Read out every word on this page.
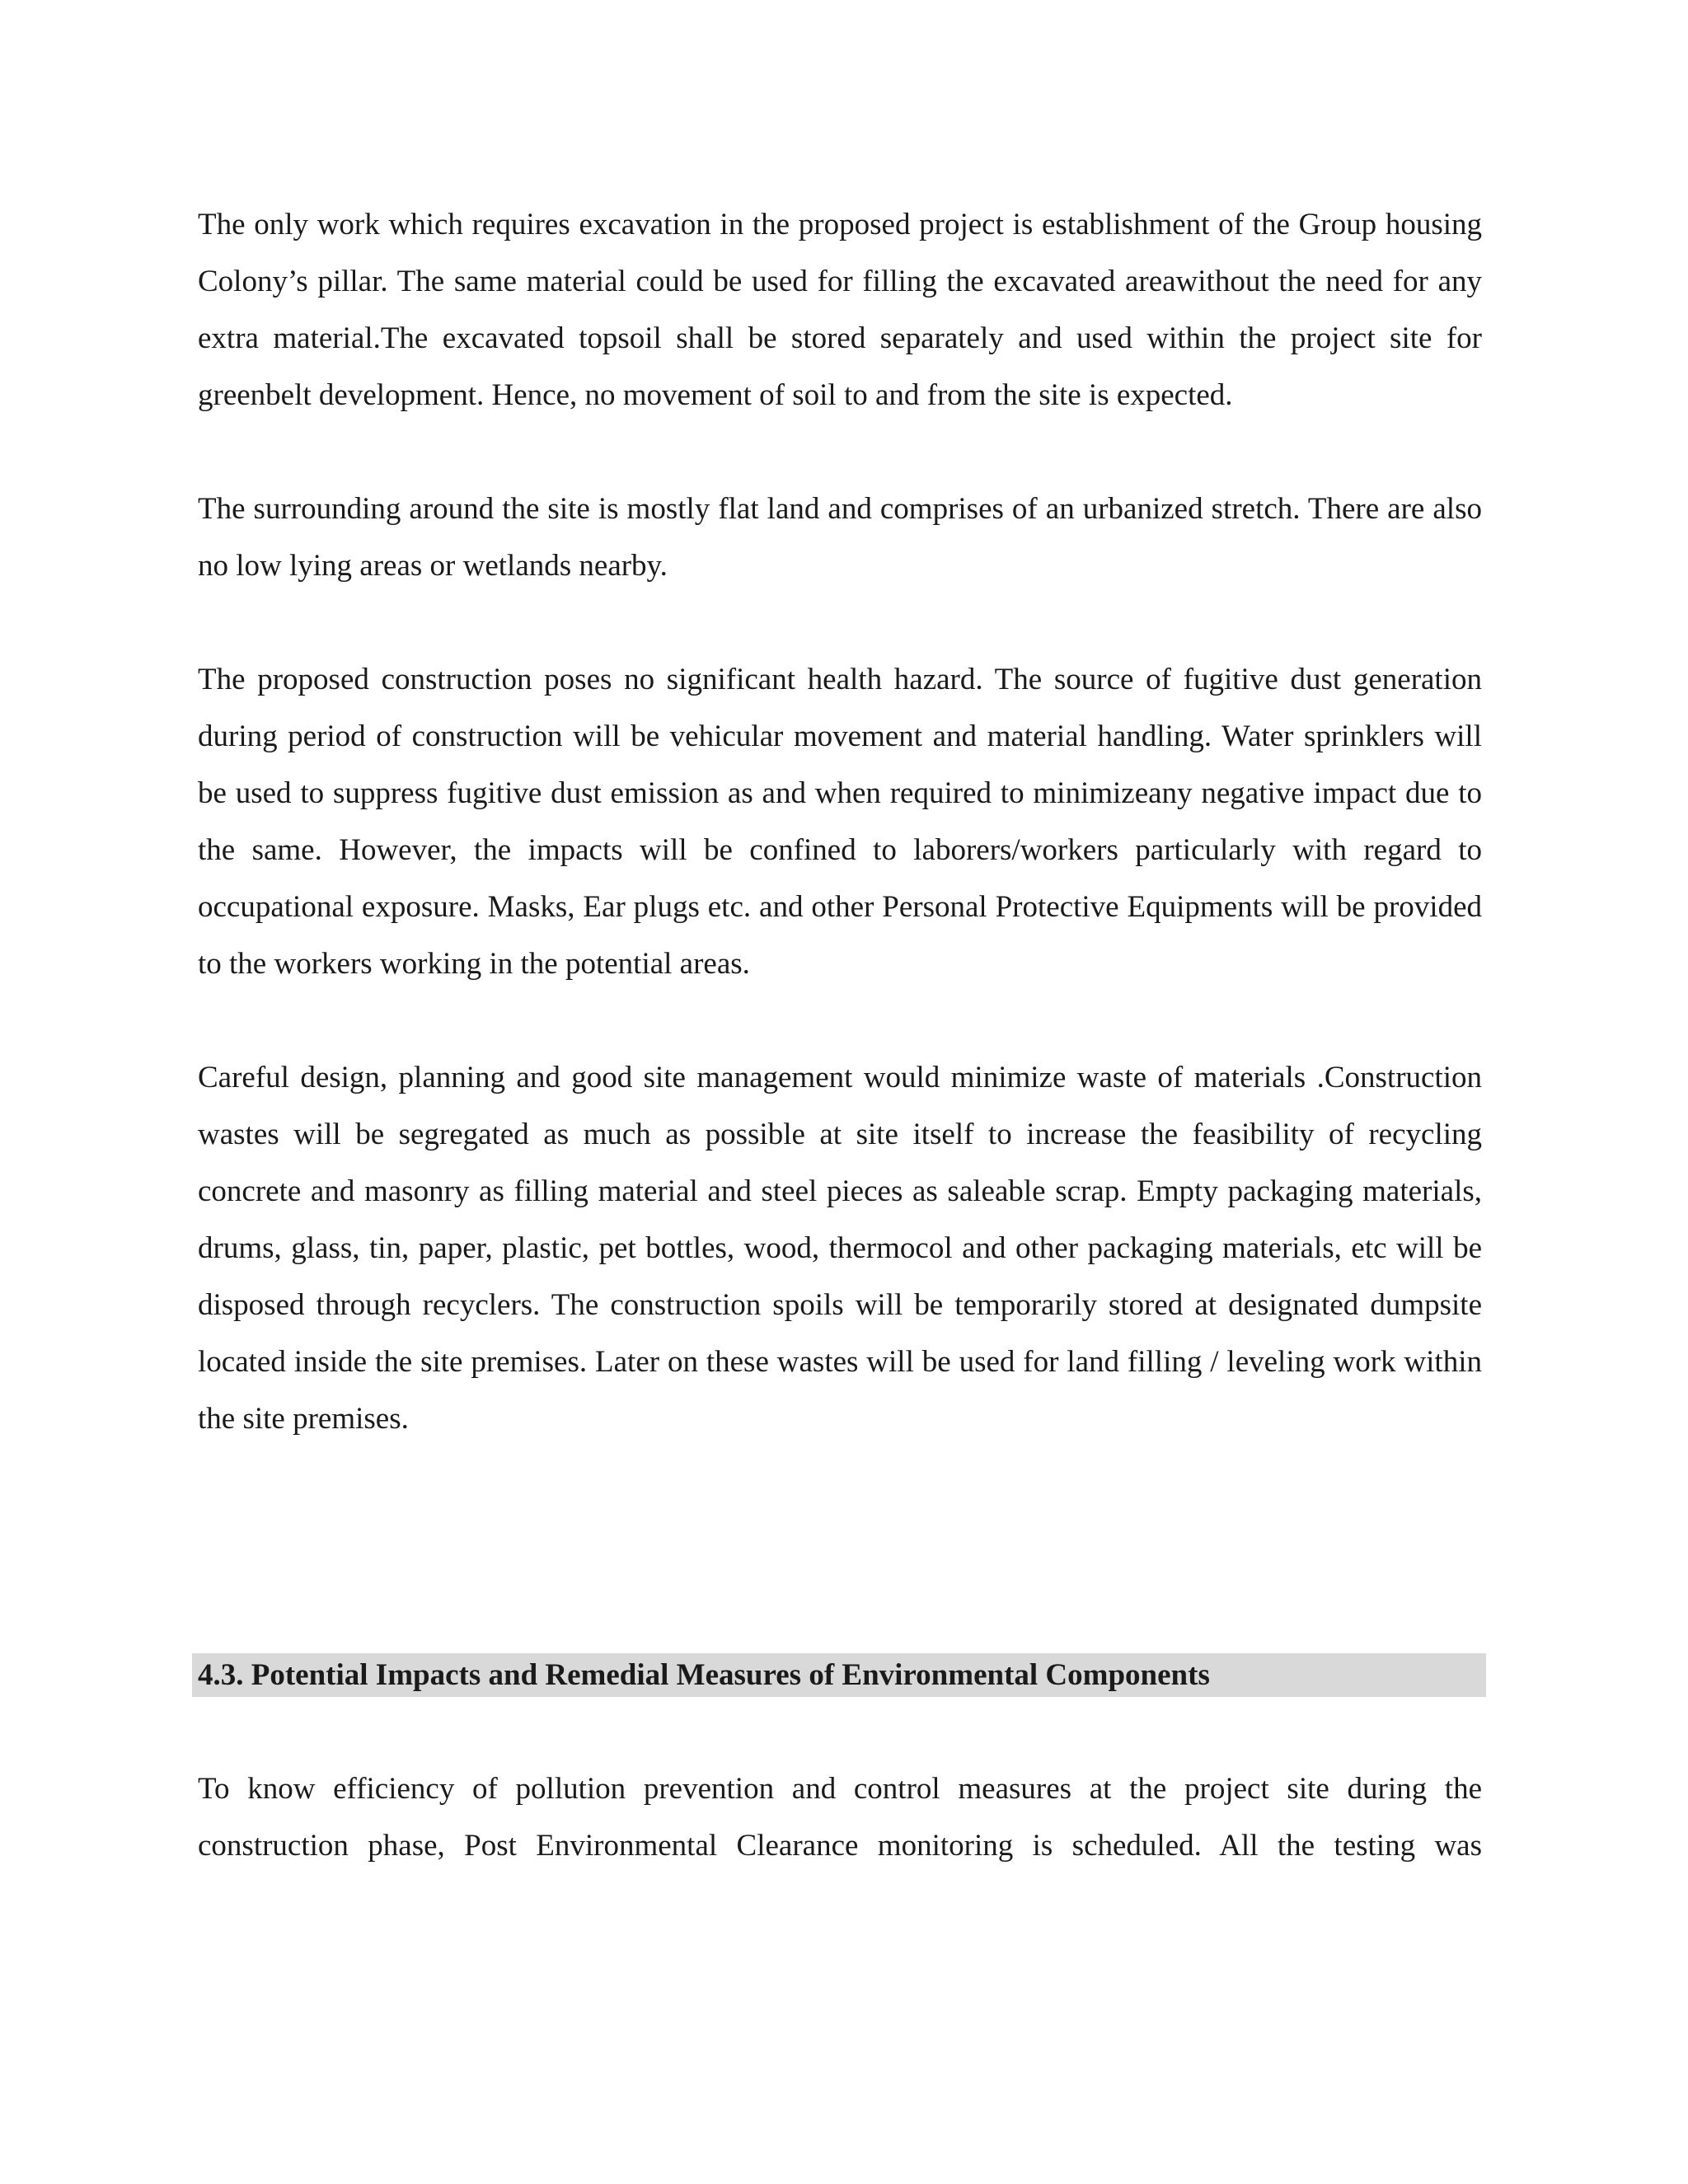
The only work which requires excavation in the proposed project is establishment of the Group housing Colony’s pillar. The same material could be used for filling the excavated areawithout the need for any extra material.The excavated topsoil shall be stored separately and used within the project site for greenbelt development. Hence, no movement of soil to and from the site is expected.

The surrounding around the site is mostly flat land and comprises of an urbanized stretch. There are also no low lying areas or wetlands nearby.

The proposed construction poses no significant health hazard. The source of fugitive dust generation during period of construction will be vehicular movement and material handling. Water sprinklers will be used to suppress fugitive dust emission as and when required to minimizeany negative impact due to the same. However, the impacts will be confined to laborers/workers particularly with regard to occupational exposure. Masks, Ear plugs etc. and other Personal Protective Equipments will be provided to the workers working in the potential areas.

Careful design, planning and good site management would minimize waste of materials .Construction wastes will be segregated as much as possible at site itself to increase the feasibility of recycling concrete and masonry as filling material and steel pieces as saleable scrap. Empty packaging materials, drums, glass, tin, paper, plastic, pet bottles, wood, thermocol and other packaging materials, etc will be disposed through recyclers. The construction spoils will be temporarily stored at designated dumpsite located inside the site premises. Later on these wastes will be used for land filling / leveling work within the site premises.

4.3. Potential Impacts and Remedial Measures of Environmental Components

To know efficiency of pollution prevention and control measures at the project site during the construction phase, Post Environmental Clearance monitoring is scheduled. All the testing was
